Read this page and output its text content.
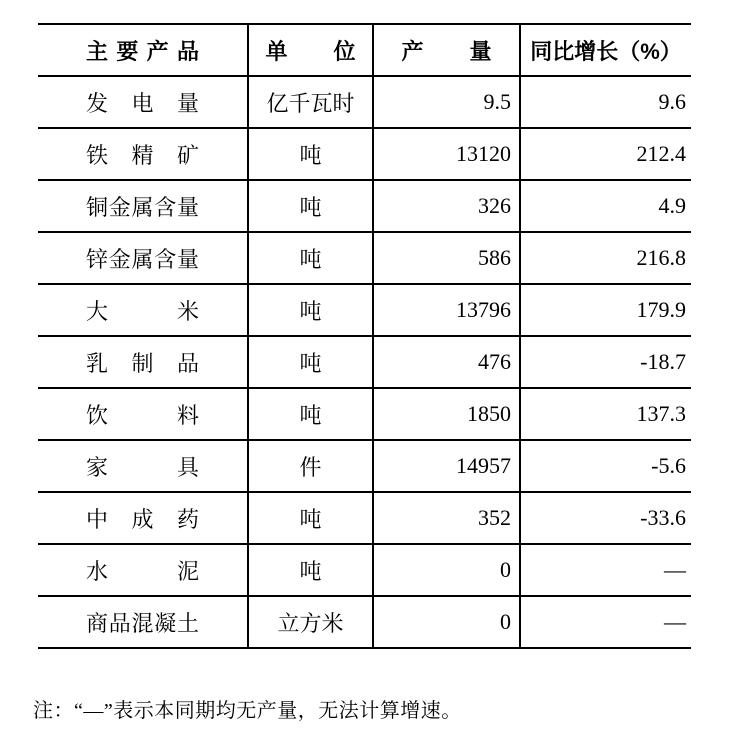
主要产品	单位	产量	同比增长（%）
发电量	亿千瓦时	9.5	9.6
铁精矿	吨	13120	212.4
铜金属含量	吨	326	4.9
锌金属含量	吨	586	216.8
大米	吨	13796	179.9
乳制品	吨	476	-18.7
饮料	吨	1850	137.3
家具	件	14957	-5.6
中成药	吨	352	-33.6
水泥	吨	0	—
商品混凝土	立方米	0	—
注：“—”表示本同期均无产量，无法计算增速。
